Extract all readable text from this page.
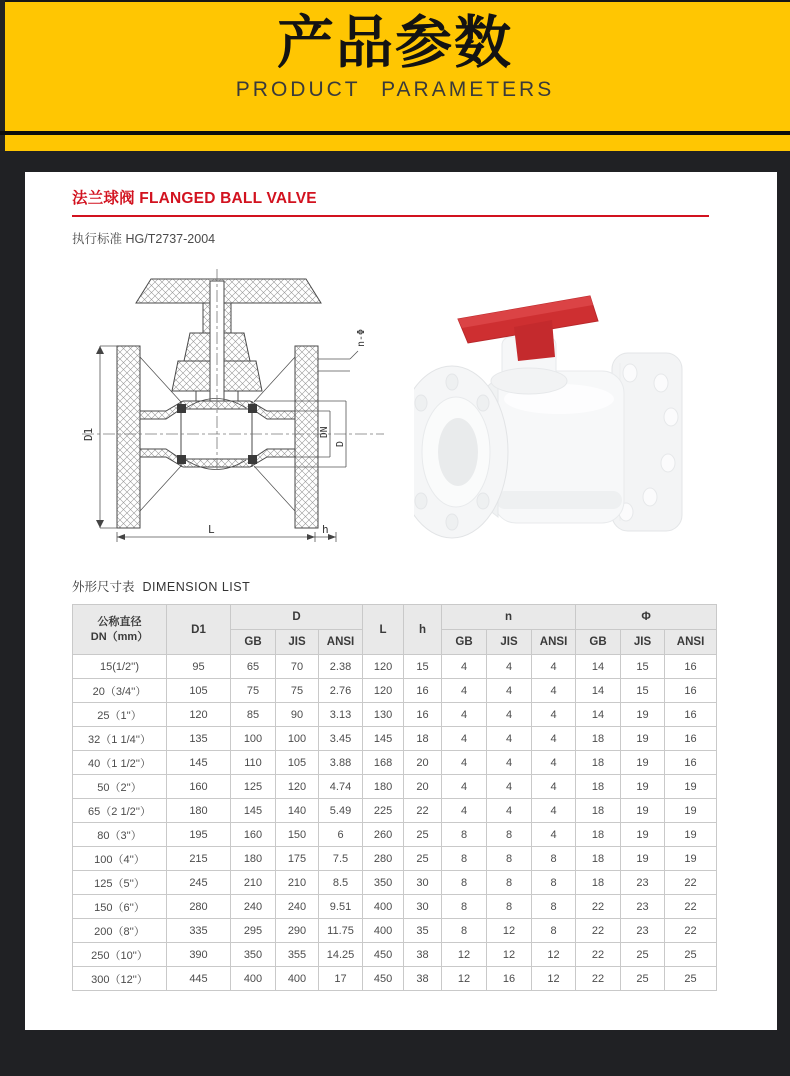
产品参数
PRODUCT PARAMETERS
法兰球阀 FLANGED BALL VALVE
执行标准 HG/T2737-2004
D1
L	h
DN
D
n-Φ
外形尺寸表 DIMENSION LIST
公称直径
DN（mm）	D1	D			L	h	n			Φ		
		GB	JIS	ANSI			GB	JIS	ANSI	GB	JIS	ANSI
15(1/2'')	95	65	70	2.38	120	15	4	4	4	14	15	16
20（3/4''）	105	75	75	2.76	120	16	4	4	4	14	15	16
25（1''）	120	85	90	3.13	130	16	4	4	4	14	19	16
32（1 1/4''）	135	100	100	3.45	145	18	4	4	4	18	19	16
40（1 1/2''）	145	110	105	3.88	168	20	4	4	4	18	19	16
50（2''）	160	125	120	4.74	180	20	4	4	4	18	19	19
65（2 1/2''）	180	145	140	5.49	225	22	4	4	4	18	19	19
80（3''）	195	160	150	6	260	25	8	8	4	18	19	19
100（4''）	215	180	175	7.5	280	25	8	8	8	18	19	19
125（5''）	245	210	210	8.5	350	30	8	8	8	18	23	22
150（6''）	280	240	240	9.51	400	30	8	8	8	22	23	22
200（8''）	335	295	290	11.75	400	35	8	12	8	22	23	22
250（10''）	390	350	355	14.25	450	38	12	12	12	22	25	25
300（12''）	445	400	400	17	450	38	12	16	12	22	25	25
